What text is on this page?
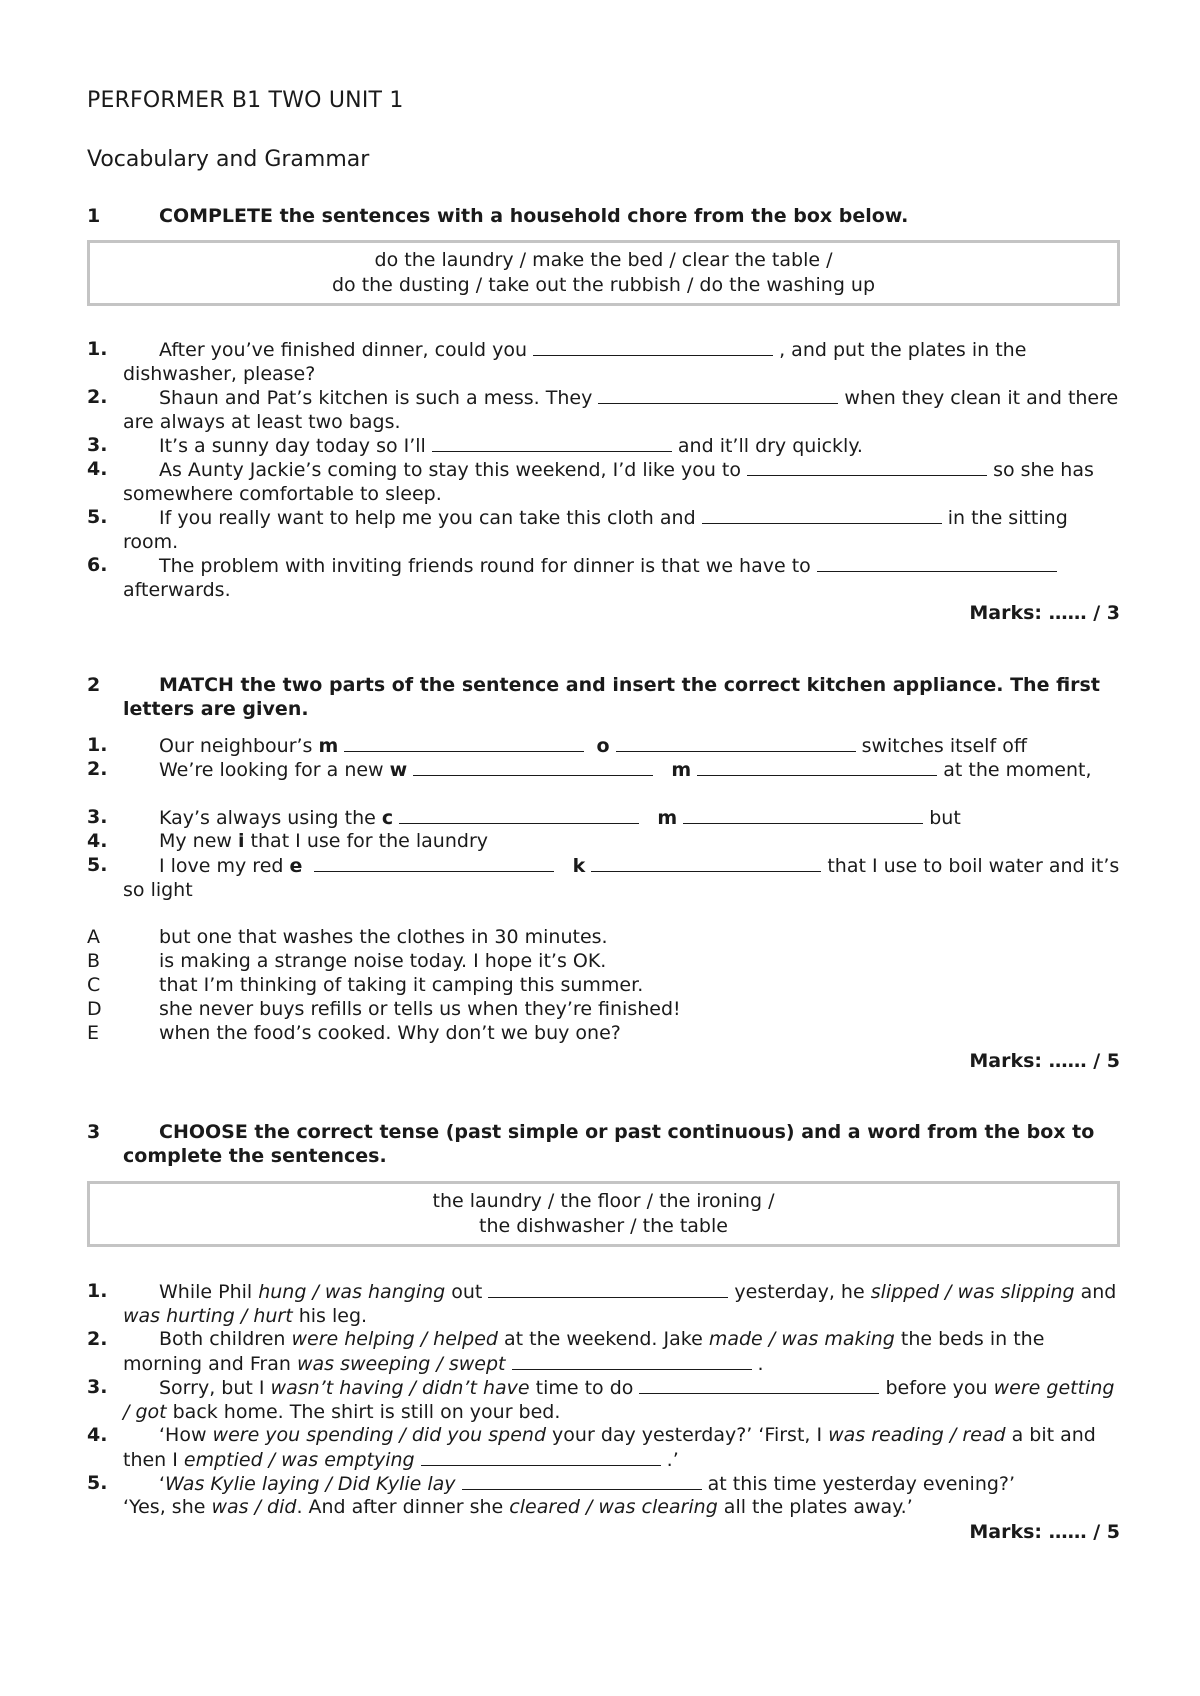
PERFORMER B1 TWO UNIT 1
Vocabulary and Grammar
1	COMPLETE the sentences with a household chore from the box below.
do the laundry / make the bed / clear the table /
do the dusting / take out the rubbish / do the washing up
1.	After you’ve finished dinner, could you	, and put the plates in the dishwasher, please?
2.	Shaun and Pat’s kitchen is such a mess. They	when they clean it and there are always at least two bags.
3.	It’s a sunny day today so I’ll	and it’ll dry quickly.
4.	As Aunty Jackie’s coming to stay this weekend, I’d like you to	so she has somewhere comfortable to sleep.
5.	If you really want to help me you can take this cloth and	in the sitting room.
6.	The problem with inviting friends round for dinner is that we have to  afterwards.
Marks: …… / 3
2	MATCH the two parts of the sentence and insert the correct kitchen appliance. The first letters are given.
1.	Our neighbour’s m	o	switches itself off
2.	We’re looking for a new w	m	at the moment,
3.	Kay’s always using the c	m	but
4.	My new i that I use for the laundry
5.	I love my red e	k	that I use to boil water and it’s so light
A	but one that washes the clothes in 30 minutes.
B	is making a strange noise today. I hope it’s OK.
C	that I’m thinking of taking it camping this summer.
D	she never buys refills or tells us when they’re finished!
E	when the food’s cooked. Why don’t we buy one?
Marks: …… / 5
3	CHOOSE the correct tense (past simple or past continuous) and a word from the box to complete the sentences.
the laundry / the floor / the ironing /
the dishwasher / the table
1.	While Phil hung / was hanging out	yesterday, he slipped / was slipping and was hurting / hurt his leg.
2.	Both children were helping / helped at the weekend. Jake made / was making the beds in the morning and Fran was sweeping / swept	.
3.	Sorry, but I wasn’t having / didn’t have time to do	before you were getting / got back home. The shirt is still on your bed.
4.	‘How were you spending / did you spend your day yesterday?’ ‘First, I was reading / read a bit and then I emptied / was emptying	.’
5.	‘Was Kylie laying / Did Kylie lay	at this time yesterday evening?’
‘Yes, she was / did. And after dinner she cleared / was clearing all the plates away.’
Marks: …… / 5
